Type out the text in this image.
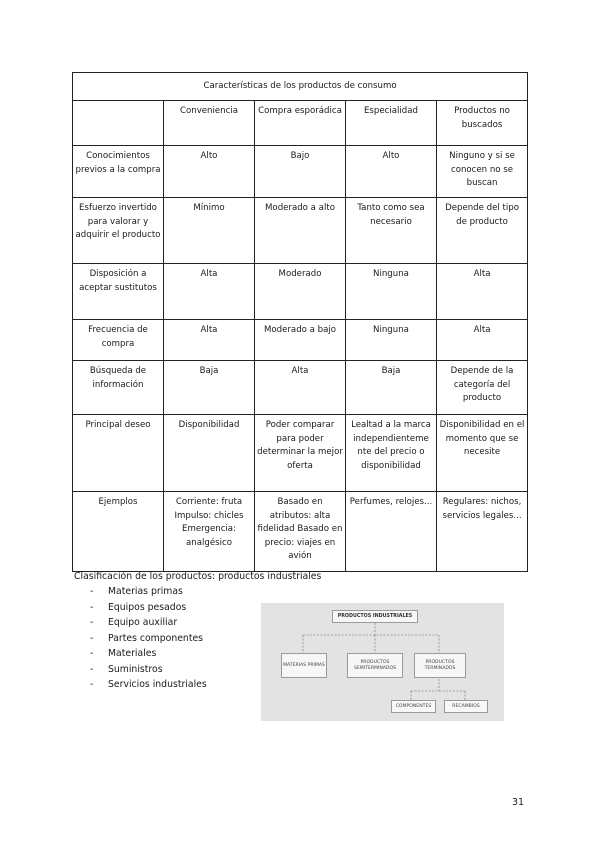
Características de los productos de consumo				
	Conveniencia	Compra esporádica	Especialidad	Productos no buscados
Conocimientos previos a la compra	Alto	Bajo	Alto	Ninguno y si se conocen no se buscan
Esfuerzo invertido para valorar y adquirir el producto	Mínimo	Moderado a alto	Tanto como sea necesario	Depende del tipo de producto
Disposición a aceptar sustitutos	Alta	Moderado	Ninguna	Alta
Frecuencia de compra	Alta	Moderado a bajo	Ninguna	Alta
Búsqueda de información	Baja	Alta	Baja	Depende de la categoría del producto
Principal deseo	Disponibilidad	Poder comparar para poder determinar la mejor oferta	Lealtad a la marca independienteme nte del precio o disponibilidad	Disponibilidad en el momento que se necesite
Ejemplos	Corriente: fruta Impulso: chicles Emergencia: analgésico	Basado en atributos: alta fidelidad Basado en precio: viajes en avión	Perfumes, relojes...	Regulares: nichos, servicios legales...
Clasificación de los productos: productos industriales
- Materias primas
- Equipos pesados
- Equipo auxiliar
- Partes componentes
- Materiales
- Suministros
- Servicios industriales
PRODUCTOS INDUSTRIALES
MATERIAS PRIMAS
PRODUCTOS SEMITERMINADOS
PRODUCTOS TERMINADOS
COMPONENTES	RECAMBIOS
31
